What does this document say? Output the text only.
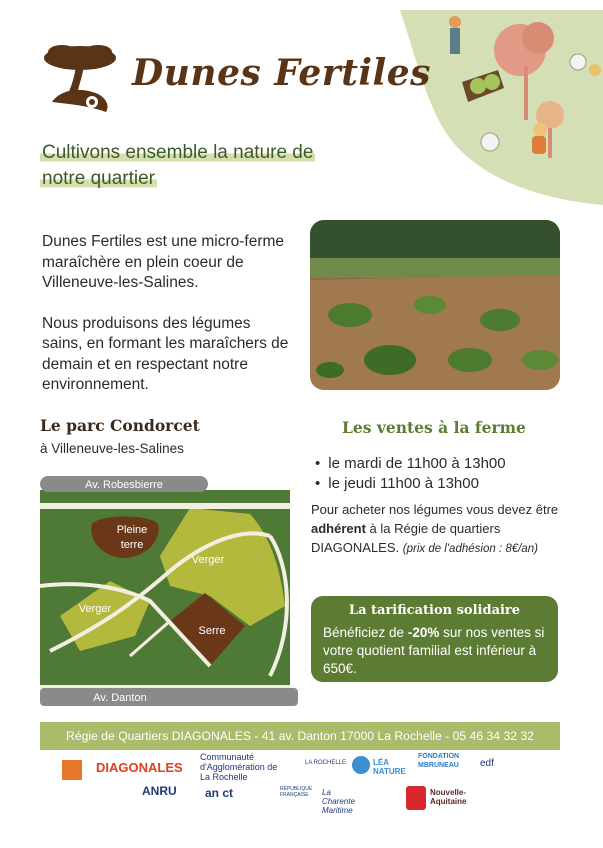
Dunes Fertiles
Cultivons ensemble la nature de
notre quartier

Dunes Fertiles est une micro-ferme maraîchère en plein coeur de Villeneuve-les-Salines.

Nous produisons des légumes sains, en formant les maraîchers de demain et en respectant notre environnement.

Le parc Condorcet
à Villeneuve-les-Salines
Av. Robesbierre
Av. Danton
Pleine
terre
Verger
Verger
Serre
Les ventes à la ferme
• le mardi de 11h00 à 13h00
• le jeudi 11h00 à 13h00
Pour acheter nos légumes vous devez être adhérent à la Régie de quartiers DIAGONALES. (prix de l'adhésion : 8€/an)
La tarification solidaire
Bénéficiez de -20% sur nos ventes si votre quotient familial est inférieur à 650€.
Régie de Quartiers DIAGONALES - 41 av. Danton 17000 La Rochelle - 05 46 34 32 32
DIAGONALES
Communauté d'Agglomération de La Rochelle
LA ROCHELLE	LÉA NATURE
FONDATION MBRUNEAU edf
ANRU an ct	RÉPUBLIQUE FRANÇAISE La Charente Maritime
Nouvelle-Aquitaine
